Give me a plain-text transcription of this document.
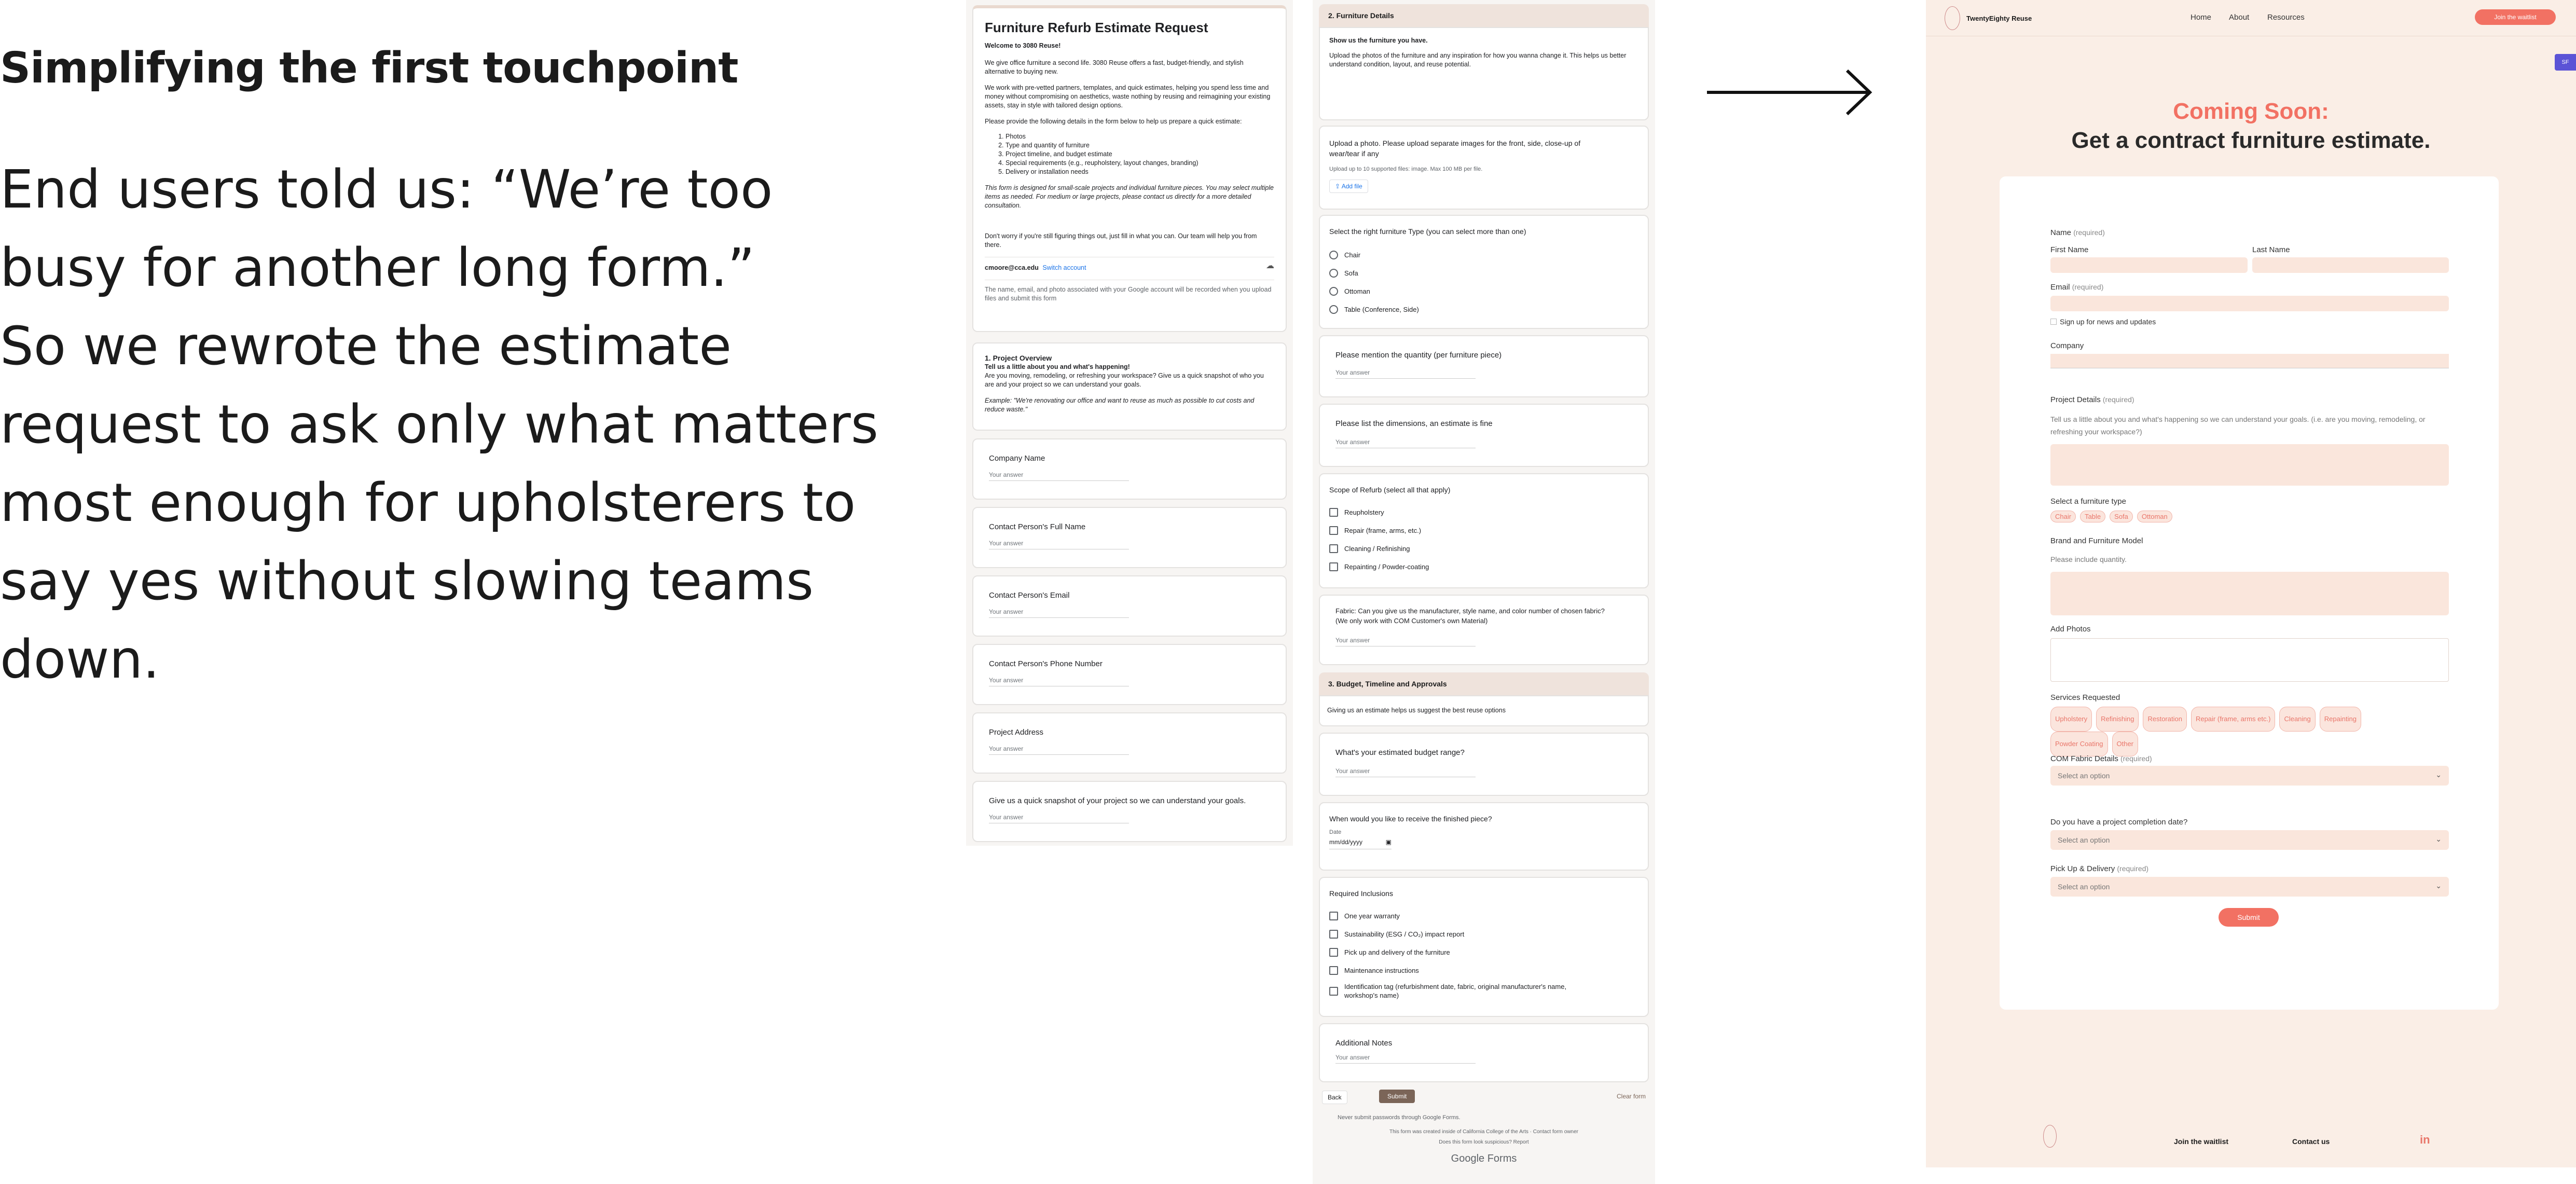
Simplifying the first touchpoint
End users told us: “We’re too
busy for another long form.”
So we rewrote the estimate
request to ask only what matters
most enough for upholsterers to
say yes without slowing teams
down.
Furniture Refurb Estimate Request
Welcome to 3080 Reuse!
We give office furniture a second life. 3080 Reuse offers a fast, budget-friendly, and stylish alternative to buying new.
We work with pre-vetted partners, templates, and quick estimates, helping you spend less time and money without compromising on aesthetics, waste nothing by reusing and reimagining your existing assets, stay in style with tailored design options.
Please provide the following details in the form below to help us prepare a quick estimate:
1. Photos
2. Type and quantity of furniture
3. Project timeline, and budget estimate
4. Special requirements (e.g., reupholstery, layout changes, branding)
5. Delivery or installation needs
This form is designed for small-scale projects and individual furniture pieces. You may select multiple items as needed. For medium or large projects, please contact us directly for a more detailed consultation.
Don't worry if you're still figuring things out, just fill in what you can. Our team will help you from there.
cmoore@cca.edu Switch account	☁
The name, email, and photo associated with your Google account will be recorded when you upload files and submit this form
1. Project Overview
Tell us a little about you and what's happening!
Are you moving, remodeling, or refreshing your workspace? Give us a quick snapshot of who you are and your project so we can understand your goals.
Example: "We're renovating our office and want to reuse as much as possible to cut costs and reduce waste."
Company Name
Your answer
Contact Person's Full Name
Your answer
Contact Person's Email
Your answer
Contact Person's Phone Number
Your answer
Project Address
Your answer
Give us a quick snapshot of your project so we can understand your goals.
Your answer
2. Furniture Details
Show us the furniture you have.
Upload the photos of the furniture and any inspiration for how you wanna change it. This helps us better understand condition, layout, and reuse potential.
Upload a photo. Please upload separate images for the front, side, close-up of wear/tear if any
Upload up to 10 supported files: image. Max 100 MB per file.
⇪ Add file
Select the right furniture Type (you can select more than one)
Chair
Sofa
Ottoman
Table (Conference, Side)
Please mention the quantity (per furniture piece)
Your answer
Please list the dimensions, an estimate is fine
Your answer
Scope of Refurb (select all that apply)
Reupholstery
Repair (frame, arms, etc.)
Cleaning / Refinishing
Repainting / Powder-coating
Fabric: Can you give us the manufacturer, style name, and color number of chosen fabric? (We only work with COM Customer's own Material)
Your answer
3. Budget, Timeline and Approvals
Giving us an estimate helps us suggest the best reuse options
What's your estimated budget range?
Your answer
When would you like to receive the finished piece?
Date
mm/dd/yyyy	▣
Required Inclusions
One year warranty
Sustainability (ESG / CO₂) impact report
Pick up and delivery of the furniture
Maintenance instructions
Identification tag (refurbishment date, fabric, original manufacturer's name, workshop's name)
Additional Notes
Your answer
Back	Submit	Clear form
Never submit passwords through Google Forms.
This form was created inside of California College of the Arts · Contact form owner
Does this form look suspicious? Report
Google Forms
TwentyEighty Reuse	Home About Resources	Join the waitlist
SF
Coming Soon:
Get a contract furniture estimate.
Name (required)
First Name	Last Name
Email (required)
Sign up for news and updates
Company
Project Details (required)
Tell us a little about you and what's happening so we can understand your goals. (i.e. are you moving, remodeling, or refreshing your workspace?)
Select a furniture type
Chair Table Sofa Ottoman
Brand and Furniture Model
Please include quantity.
Add Photos
Services Requested
Upholstery Refinishing Restoration Repair (frame, arms etc.) Cleaning Repainting
Powder Coating Other
COM Fabric Details (required)
Select an option	⌄
Do you have a project completion date?
Select an option	⌄
Pick Up & Delivery (required)
Select an option	⌄
Submit
Join the waitlist	Contact us	in
